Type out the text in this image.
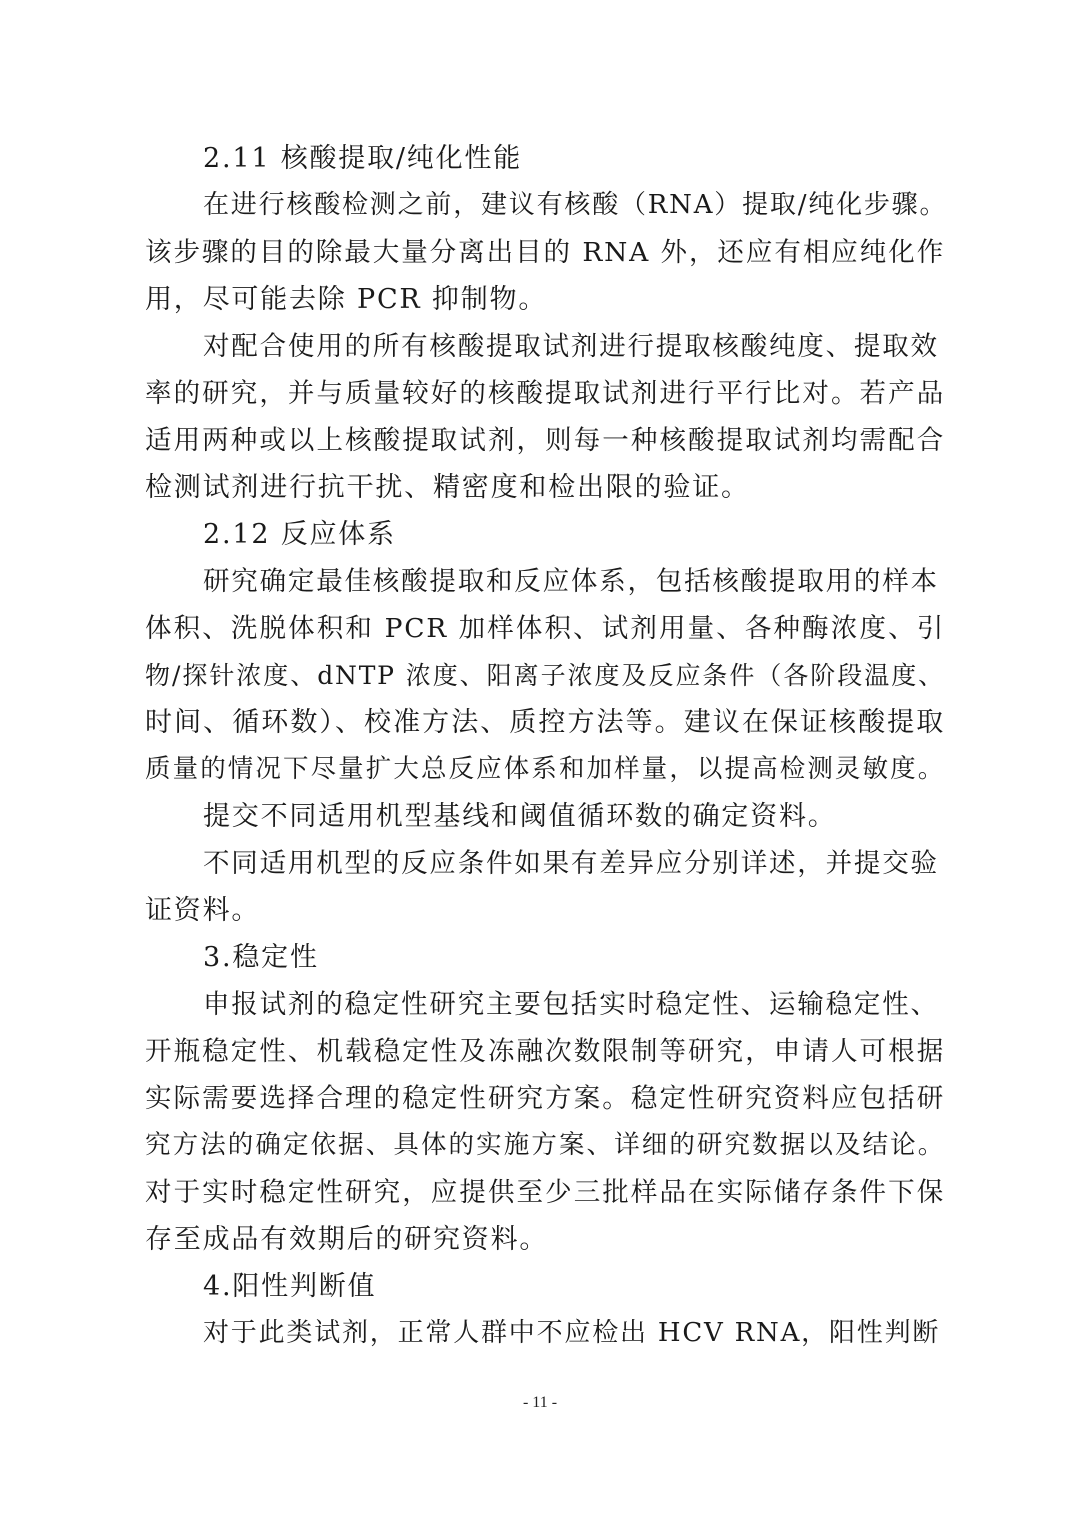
2.11 核酸提取/纯化性能
在进行核酸检测之前，建议有核酸（RNA）提取/纯化步骤。
该步骤的目的除最大量分离出目的 RNA 外，还应有相应纯化作
用，尽可能去除 PCR 抑制物。
对配合使用的所有核酸提取试剂进行提取核酸纯度、提取效
率的研究，并与质量较好的核酸提取试剂进行平行比对。若产品
适用两种或以上核酸提取试剂，则每一种核酸提取试剂均需配合
检测试剂进行抗干扰、精密度和检出限的验证。
2.12 反应体系
研究确定最佳核酸提取和反应体系，包括核酸提取用的样本
体积、洗脱体积和 PCR 加样体积、试剂用量、各种酶浓度、引
物/探针浓度、dNTP 浓度、阳离子浓度及反应条件（各阶段温度、
时间、循环数）、校准方法、质控方法等。建议在保证核酸提取
质量的情况下尽量扩大总反应体系和加样量，以提高检测灵敏度。
提交不同适用机型基线和阈值循环数的确定资料。
不同适用机型的反应条件如果有差异应分别详述，并提交验
证资料。
3.稳定性
申报试剂的稳定性研究主要包括实时稳定性、运输稳定性、
开瓶稳定性、机载稳定性及冻融次数限制等研究，申请人可根据
实际需要选择合理的稳定性研究方案。稳定性研究资料应包括研
究方法的确定依据、具体的实施方案、详细的研究数据以及结论。
对于实时稳定性研究，应提供至少三批样品在实际储存条件下保
存至成品有效期后的研究资料。
4.阳性判断值
对于此类试剂，正常人群中不应检出 HCV RNA，阳性判断
- 11 -
